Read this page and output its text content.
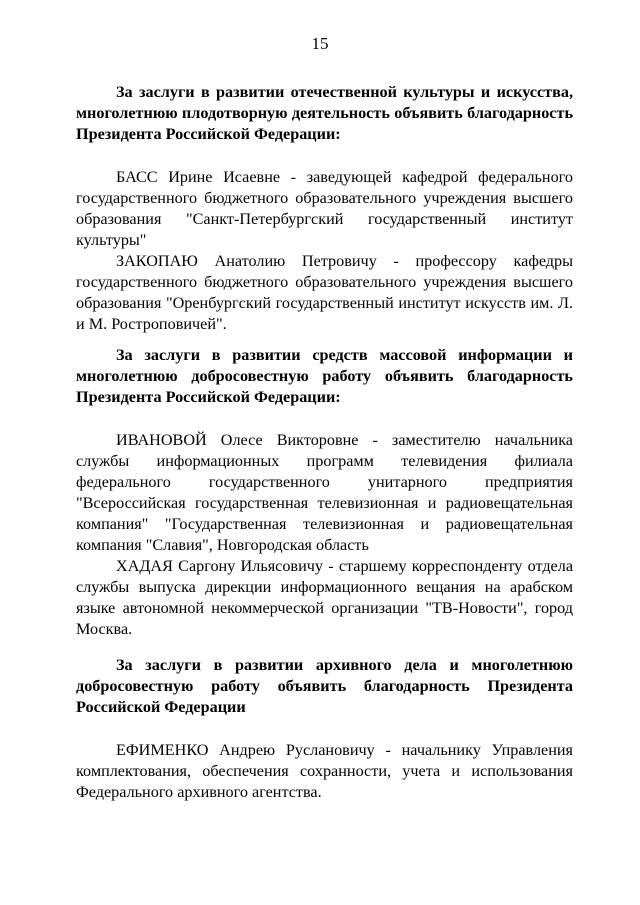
15

За заслуги в развитии отечественной культуры и искусства, многолетнюю плодотворную деятельность объявить благодарность Президента Российской Федерации:

БАСС Ирине Исаевне - заведующей кафедрой федерального государственного бюджетного образовательного учреждения высшего образования "Санкт-Петербургский государственный институт культуры"

ЗАКОПАЮ Анатолию Петровичу - профессору кафедры государственного бюджетного образовательного учреждения высшего образования "Оренбургский государственный институт искусств им. Л. и М. Ростроповичей".

За заслуги в развитии средств массовой информации и многолетнюю добросовестную работу объявить благодарность Президента Российской Федерации:

ИВАНОВОЙ Олесе Викторовне - заместителю начальника службы информационных программ телевидения филиала федерального государственного унитарного предприятия "Всероссийская государственная телевизионная и радиовещательная компания" "Государственная телевизионная и радиовещательная компания "Славия", Новгородская область

ХАДАЯ Саргону Ильясовичу - старшему корреспонденту отдела службы выпуска дирекции информационного вещания на арабском языке автономной некоммерческой организации "ТВ-Новости", город Москва.

За заслуги в развитии архивного дела и многолетнюю добросовестную работу объявить благодарность Президента Российской Федерации

ЕФИМЕНКО Андрею Руслановичу - начальнику Управления комплектования, обеспечения сохранности, учета и использования Федерального архивного агентства.
